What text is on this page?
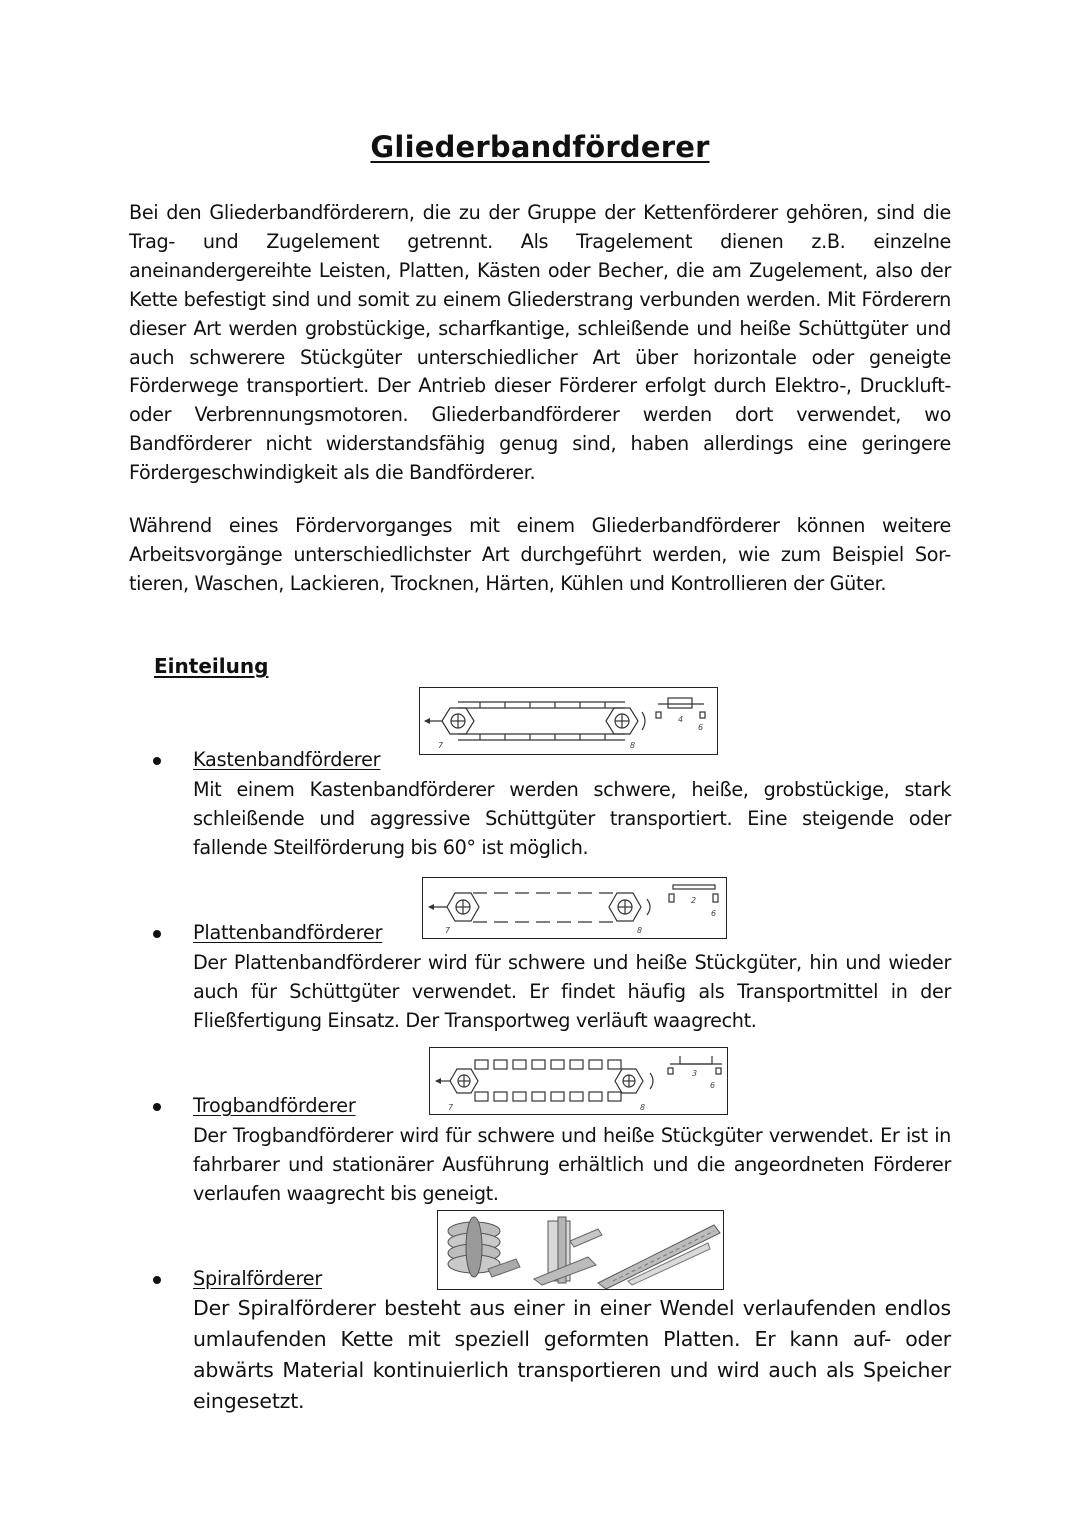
Gliederbandförderer

Bei den Gliederbandförderern, die zu der Gruppe der Kettenförderer gehören, sind die Trag- und Zugelement getrennt. Als Tragelement dienen z.B. einzelne aneinandergereihte Leisten, Platten, Kästen oder Becher, die am Zugelement, also der Kette befestigt sind und somit zu einem Gliederstrang verbunden werden. Mit Förderern dieser Art werden grobstückige, scharfkantige, schleißende und heiße Schüttgüter und auch schwerere Stückgüter unterschiedlicher Art über horizontale oder geneigte Förderwege transportiert. Der Antrieb dieser Förderer erfolgt durch Elektro-, Druckluft- oder Verbrennungsmotoren. Gliederbandförderer werden dort verwendet, wo Bandförderer nicht widerstandsfähig genug sind, haben allerdings eine geringere Fördergeschwindigkeit als die Bandförderer.

Während eines Fördervorganges mit einem Gliederbandförderer können weitere Arbeitsvorgänge unterschiedlichster Art durchgeführt werden, wie zum Beispiel Sor-tieren, Waschen, Lackieren, Trocknen, Härten, Kühlen und Kontrollieren der Güter.

Einteilung
7	8
4
6
Kastenbandförderer

Mit einem Kastenbandförderer werden schwere, heiße, grobstückige, stark schleißende und aggressive Schüttgüter transportiert. Eine steigende oder fallende Steilförderung bis 60° ist möglich.

7	8
2
6
Plattenbandförderer

Der Plattenbandförderer wird für schwere und heiße Stückgüter, hin und wieder auch für Schüttgüter verwendet. Er findet häufig als Transportmittel in der Fließfertigung Einsatz. Der Transportweg verläuft waagrecht.

7	8
3
6
Trogbandförderer

Der Trogbandförderer wird für schwere und heiße Stückgüter verwendet. Er ist in fahrbarer und stationärer Ausführung erhältlich und die angeordneten Förderer verlaufen waagrecht bis geneigt.

Spiralförderer

Der Spiralförderer besteht aus einer in einer Wendel verlaufenden endlos umlaufenden Kette mit speziell geformten Platten. Er kann auf- oder abwärts Material kontinuierlich transportieren und wird auch als Speicher eingesetzt.
